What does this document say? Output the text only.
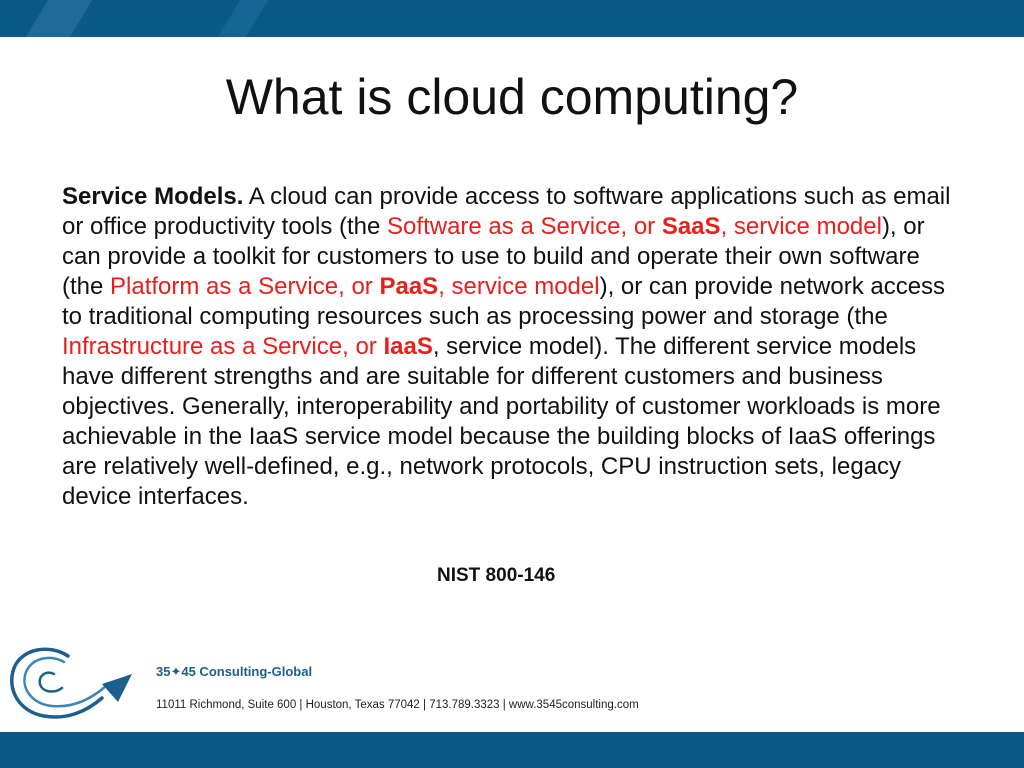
What is cloud computing?

Service Models. A cloud can provide access to software applications such as email or office productivity tools (the Software as a Service, or SaaS, service model), or can provide a toolkit for customers to use to build and operate their own software (the Platform as a Service, or PaaS, service model), or can provide network access to traditional computing resources such as processing power and storage (the Infrastructure as a Service, or IaaS, service model). The different service models have different strengths and are suitable for different customers and business objectives. Generally, interoperability and portability of customer workloads is more achievable in the IaaS service model because the building blocks of IaaS offerings are relatively well-defined, e.g., network protocols, CPU instruction sets, legacy device interfaces.

NIST 800-146
35✦45 Consulting-Global
11011 Richmond, Suite 600 | Houston, Texas 77042 | 713.789.3323 | www.3545consulting.com
